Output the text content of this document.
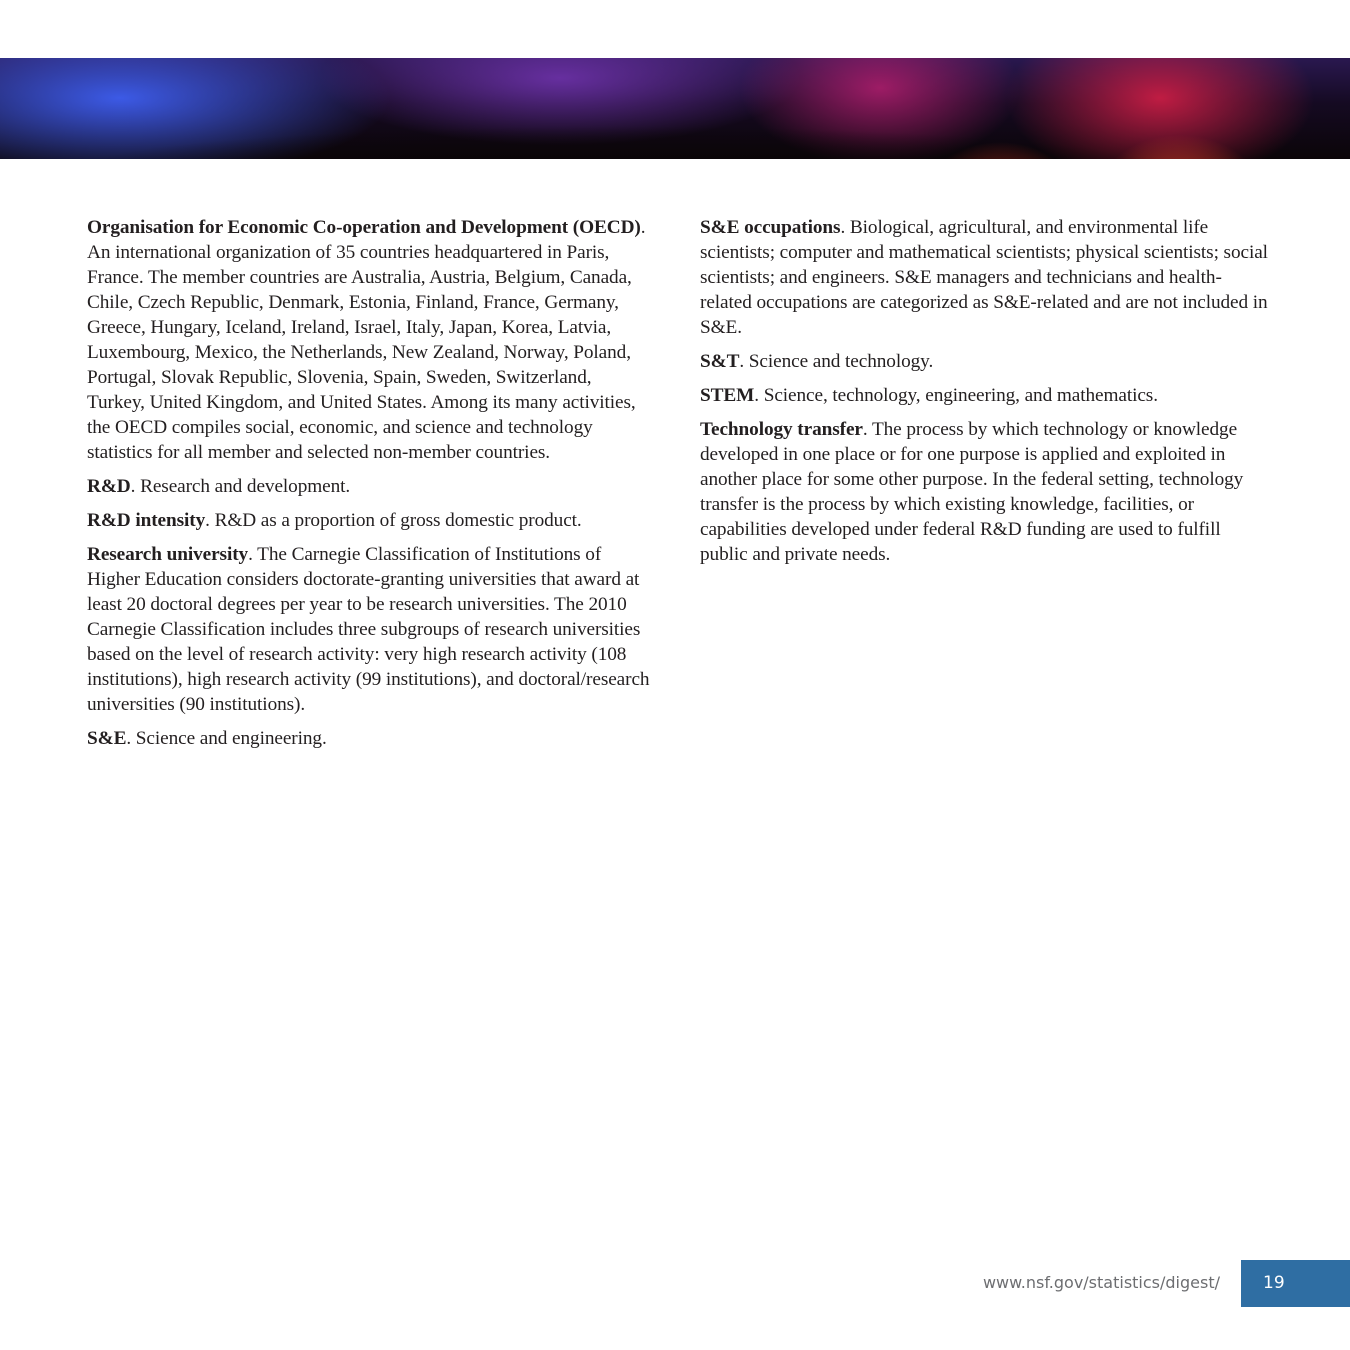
Organisation for Economic Co-operation and Development (OECD). An international organization of 35 countries headquartered in Paris, France. The member countries are Australia, Austria, Belgium, Canada, Chile, Czech Republic, Denmark, Estonia, Finland, France, Germany, Greece, Hungary, Iceland, Ireland, Israel, Italy, Japan, Korea, Latvia, Luxembourg, Mexico, the Netherlands, New Zealand, Norway, Poland, Portugal, Slovak Republic, Slovenia, Spain, Sweden, Switzerland, Turkey, United Kingdom, and United States. Among its many activities, the OECD compiles social, economic, and science and technology statistics for all member and selected non-member countries.

R&D. Research and development.

R&D intensity. R&D as a proportion of gross domestic product.

Research university. The Carnegie Classification of Institutions of Higher Education considers doctorate-granting universities that award at least 20 doctoral degrees per year to be research universities. The 2010 Carnegie Classification includes three subgroups of research universities based on the level of research activity: very high research activity (108 institutions), high research activity (99 institutions), and doctoral/research universities (90 institutions).

S&E. Science and engineering.

S&E occupations. Biological, agricultural, and environmental life scientists; computer and mathematical scientists; physical scientists; social scientists; and engineers. S&E managers and technicians and health-related occupations are categorized as S&E-related and are not included in S&E.

S&T. Science and technology.

STEM. Science, technology, engineering, and mathematics.

Technology transfer. The process by which technology or knowledge developed in one place or for one purpose is applied and exploited in another place for some other purpose. In the federal setting, technology transfer is the process by which existing knowledge, facilities, or capabilities developed under federal R&D funding are used to fulfill public and private needs.

www.nsf.gov/statistics/digest/	19
